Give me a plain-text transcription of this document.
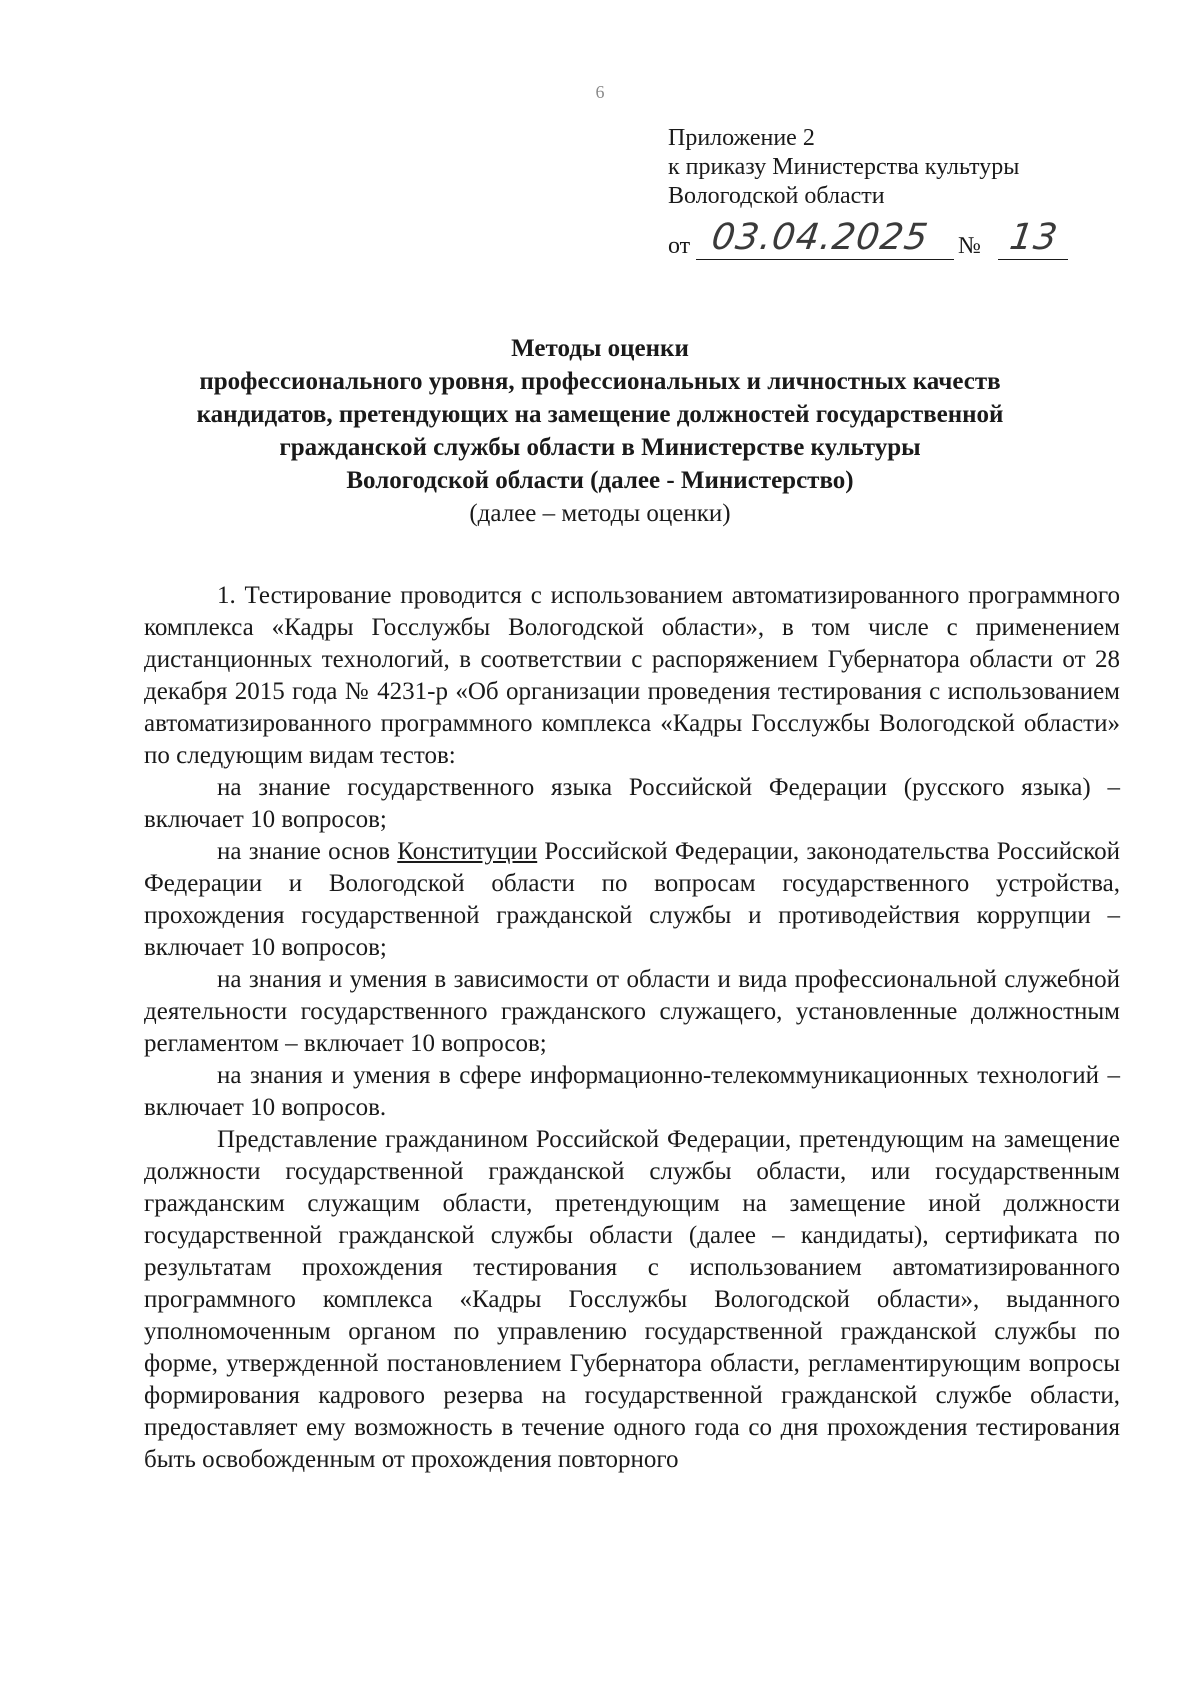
6
Приложение 2
к приказу Министерства культуры
Вологодской области
от 03.04.2025 № 13
Методы оценки
профессионального уровня, профессиональных и личностных качеств
кандидатов, претендующих на замещение должностей государственной
гражданской службы области в Министерстве культуры
Вологодской области (далее - Министерство)
(далее – методы оценки)

1. Тестирование проводится с использованием автоматизированного программного комплекса «Кадры Госслужбы Вологодской области», в том числе с применением дистанционных технологий, в соответствии с распоряжением Губернатора области от 28 декабря 2015 года № 4231-р «Об организации проведения тестирования с использованием автоматизированного программного комплекса «Кадры Госслужбы Вологодской области» по следующим видам тестов:

на знание государственного языка Российской Федерации (русского языка) – включает 10 вопросов;

на знание основ Конституции Российской Федерации, законодательства Российской Федерации и Вологодской области по вопросам государственного устройства, прохождения государственной гражданской службы и противодействия коррупции – включает 10 вопросов;

на знания и умения в зависимости от области и вида профессиональной служебной деятельности государственного гражданского служащего, установленные должностным регламентом – включает 10 вопросов;

на знания и умения в сфере информационно-телекоммуникационных технологий – включает 10 вопросов.

Представление гражданином Российской Федерации, претендующим на замещение должности государственной гражданской службы области, или государственным гражданским служащим области, претендующим на замещение иной должности государственной гражданской службы области (далее – кандидаты), сертификата по результатам прохождения тестирования с использованием автоматизированного программного комплекса «Кадры Госслужбы Вологодской области», выданного уполномоченным органом по управлению государственной гражданской службы по форме, утвержденной постановлением Губернатора области, регламентирующим вопросы формирования кадрового резерва на государственной гражданской службе области, предоставляет ему возможность в течение одного года со дня прохождения тестирования быть освобожденным от прохождения повторного
